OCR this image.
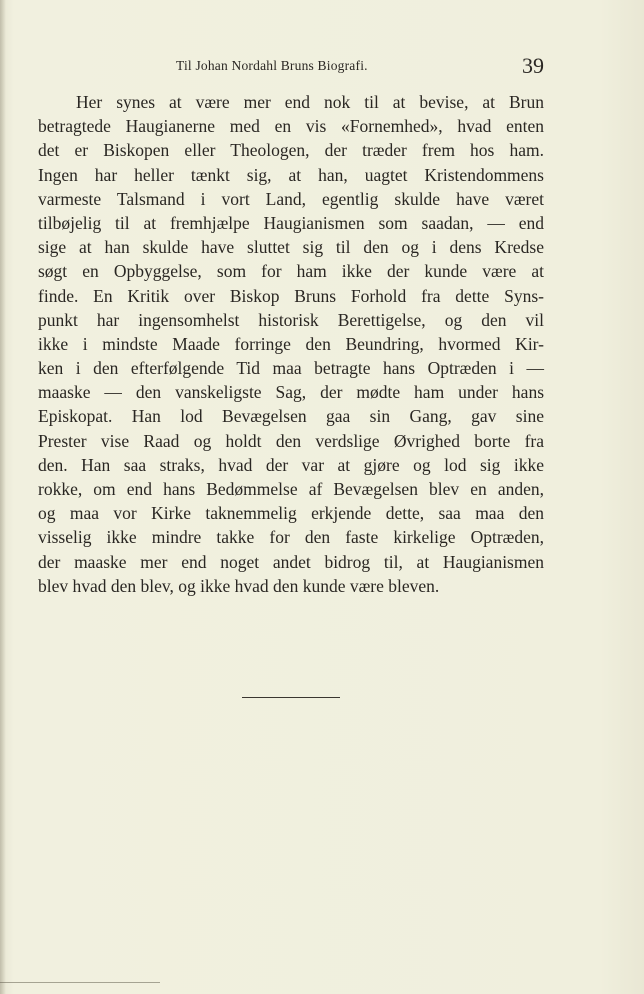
Til Johan Nordahl Bruns Biografi.	39
Her synes at være mer end nok til at bevise, at Brun
betragtede Haugianerne med en vis «Fornemhed», hvad enten
det er Biskopen eller Theologen, der træder frem hos ham.
Ingen har heller tænkt sig, at han, uagtet Kristendommens
varmeste Talsmand i vort Land, egentlig skulde have været
tilbøjelig til at fremhjælpe Haugianismen som saadan, — end
sige at han skulde have sluttet sig til den og i dens Kredse
søgt en Opbyggelse, som for ham ikke der kunde være at
finde. En Kritik over Biskop Bruns Forhold fra dette Syns-
punkt har ingensomhelst historisk Berettigelse, og den vil
ikke i mindste Maade forringe den Beundring, hvormed Kir-
ken i den efterfølgende Tid maa betragte hans Optræden i —
maaske — den vanskeligste Sag, der mødte ham under hans
Episkopat. Han lod Bevægelsen gaa sin Gang, gav sine
Prester vise Raad og holdt den verdslige Øvrighed borte fra
den. Han saa straks, hvad der var at gjøre og lod sig ikke
rokke, om end hans Bedømmelse af Bevægelsen blev en anden,
og maa vor Kirke taknemmelig erkjende dette, saa maa den
visselig ikke mindre takke for den faste kirkelige Optræden,
der maaske mer end noget andet bidrog til, at Haugianismen
blev hvad den blev, og ikke hvad den kunde være bleven.
